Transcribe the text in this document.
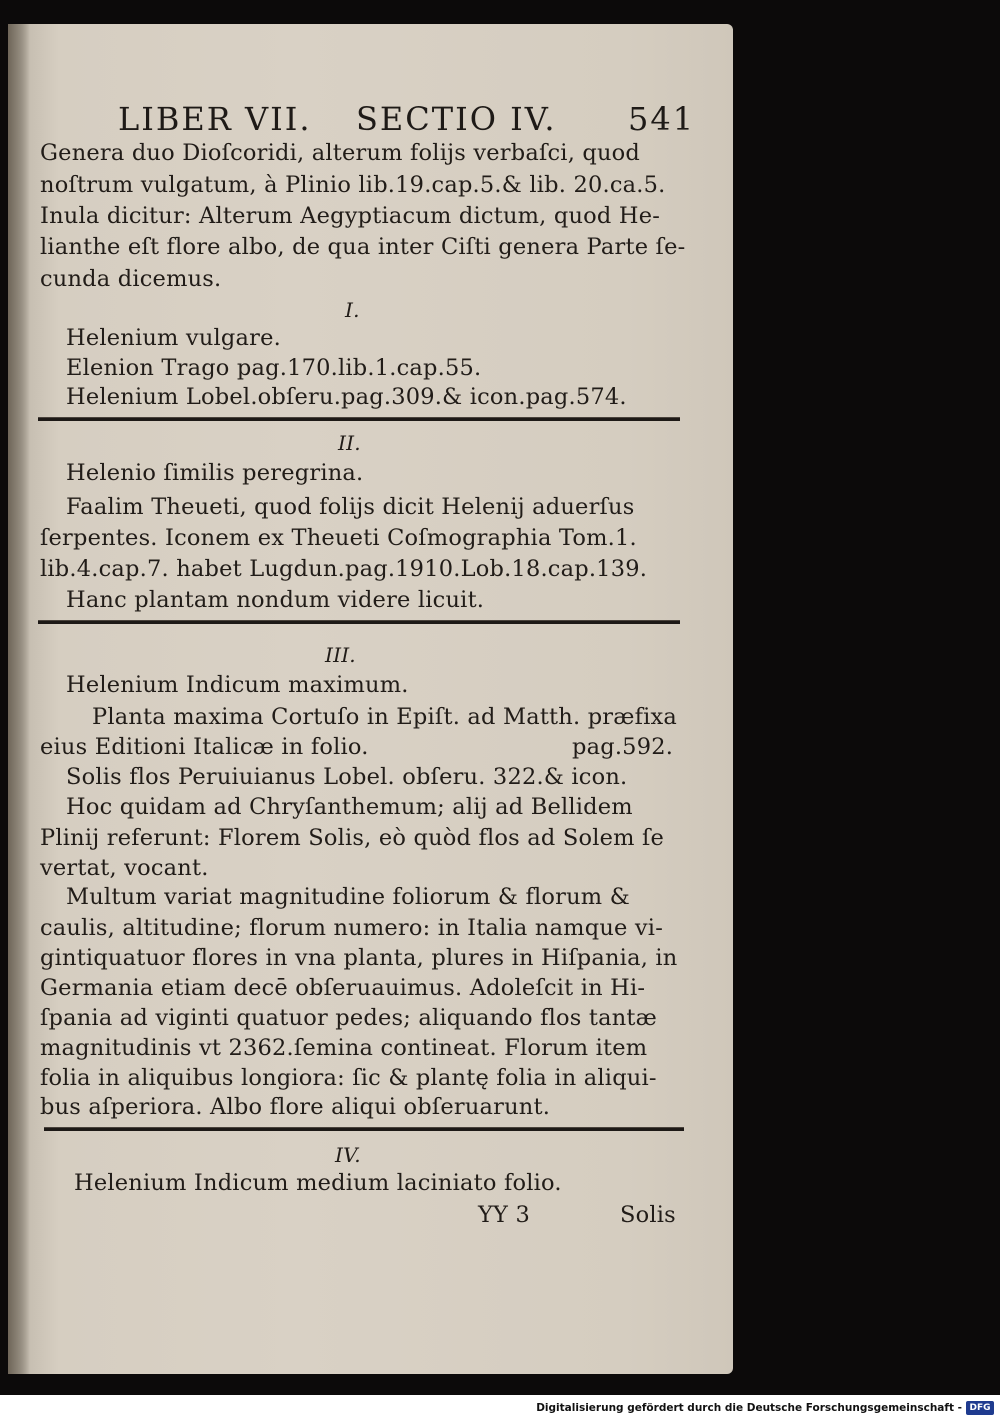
LIBER VII. SECTIO IV. 541
Genera duo Dioſcoridi, alterum folijs verbaſci, quod
noſtrum vulgatum, à Plinio lib.19.cap.5.& lib. 20.ca.5.
Inula dicitur: Alterum Aegyptiacum dictum, quod He-
lianthe eſt flore albo, de qua inter Ciſti genera Parte ſe-
cunda dicemus.
I.
Helenium vulgare.
Elenion Trago pag.170.lib.1.cap.55.
Helenium Lobel.obſeru.pag.309.& icon.pag.574.
II.
Helenio ſimilis peregrina.
Faalim Theueti, quod folijs dicit Helenij aduerſus
ſerpentes. Iconem ex Theueti Coſmographia Tom.1.
lib.4.cap.7. habet Lugdun.pag.1910.Lob.18.cap.139.
Hanc plantam nondum videre licuit.
III.
Helenium Indicum maximum.
Planta maxima Cortuſo in Epiſt. ad Matth. præfixa
eius Editioni Italicæ in folio.	pag.592.
Solis flos Peruiuianus Lobel. obſeru. 322.& icon.
Hoc quidam ad Chryſanthemum; alij ad Bellidem
Plinij referunt: Florem Solis, eò quòd flos ad Solem ſe
vertat, vocant.
Multum variat magnitudine foliorum & florum &
caulis, altitudine; florum numero: in Italia namque vi-
gintiquatuor flores in vna planta, plures in Hiſpania, in
Germania etiam decē obſeruauimus. Adoleſcit in Hi-
ſpania ad viginti quatuor pedes; aliquando flos tantæ
magnitudinis vt 2362.ſemina contineat. Florum item
folia in aliquibus longiora: ſic & plantę folia in aliqui-
bus aſperiora. Albo flore aliqui obſeruarunt.
IV.
Helenium Indicum medium laciniato folio.
YY 3	Solis
Digitalisierung gefördert durch die Deutsche Forschungsgemeinschaft - DFG
